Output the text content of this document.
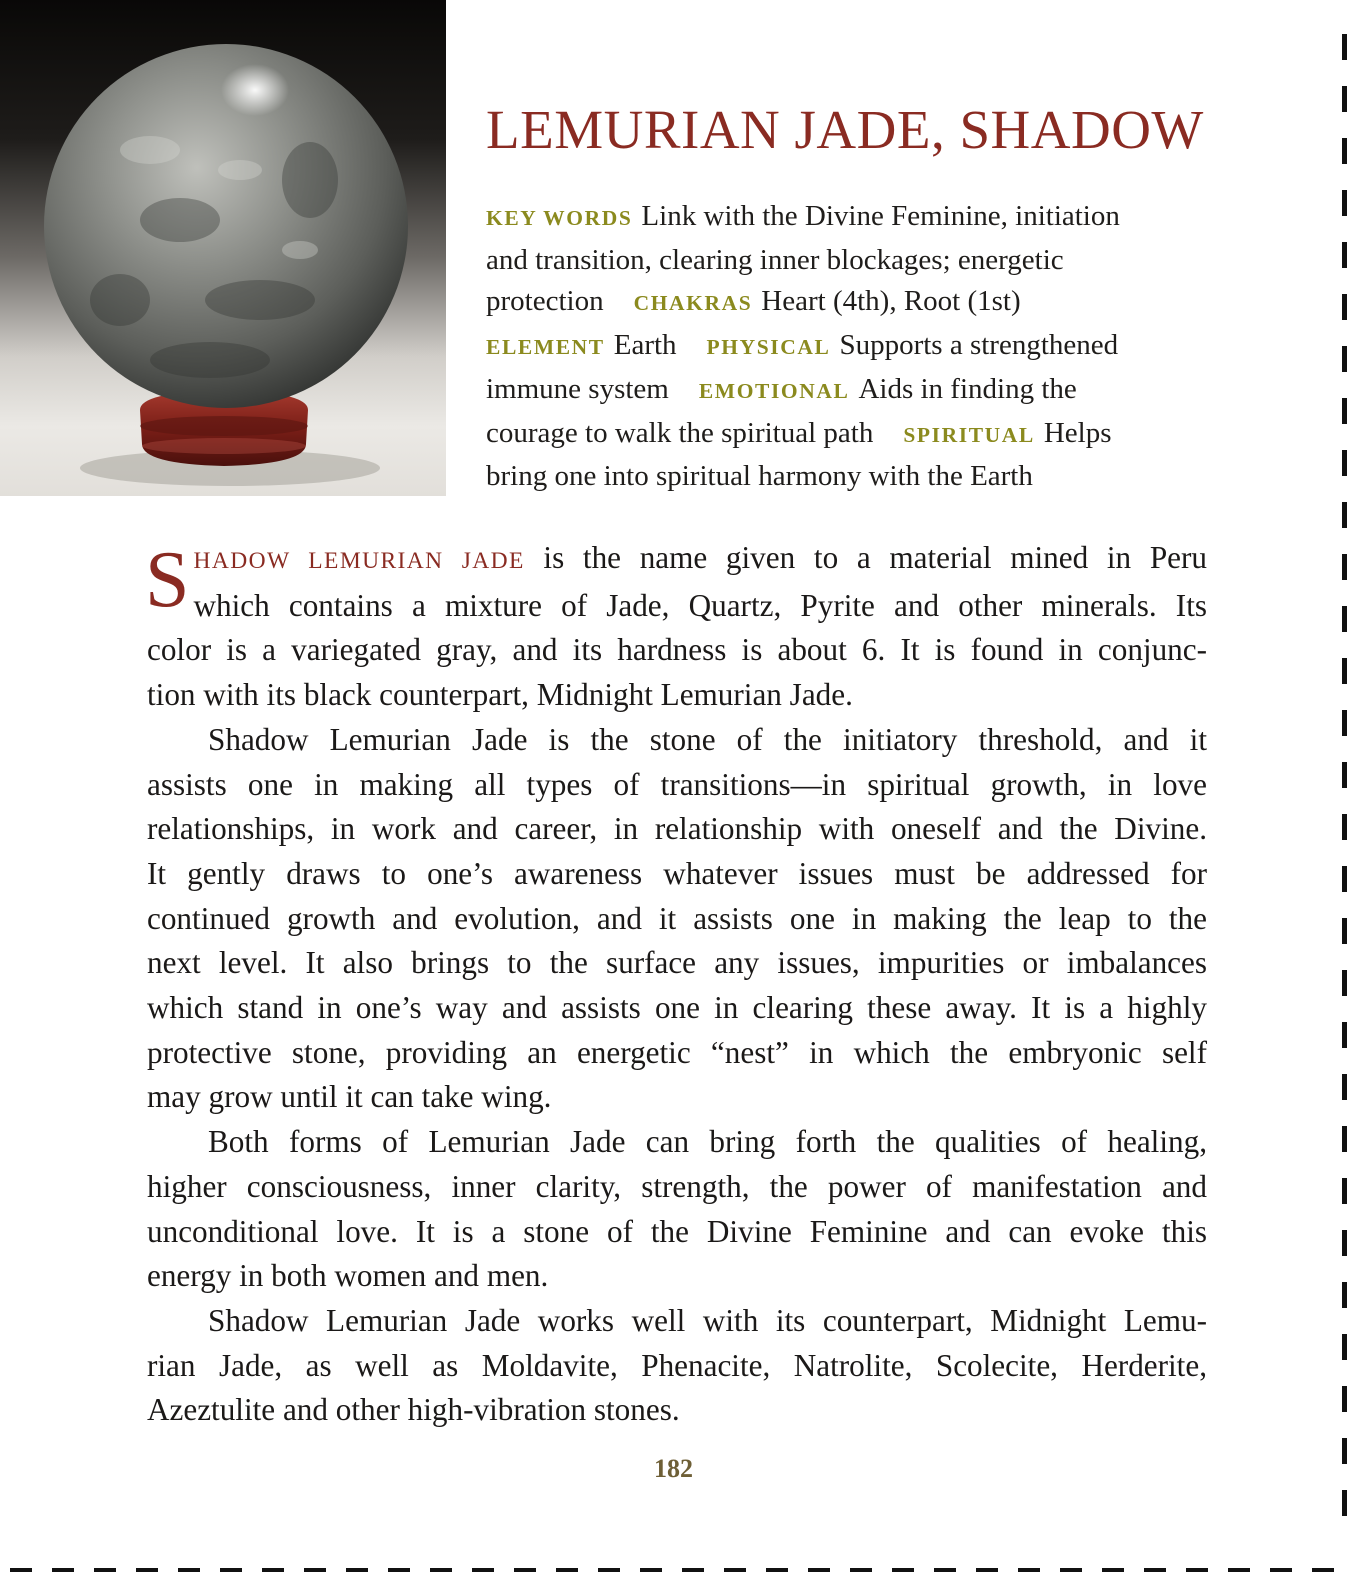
LEMURIAN JADE, SHADOW
KEY WORDS Link with the Divine Feminine, initiation
and transition, clearing inner blockages; energetic
protection CHAKRAS Heart (4th), Root (1st)
ELEMENT Earth PHYSICAL Supports a strengthened
immune system EMOTIONAL Aids in finding the
courage to walk the spiritual path SPIRITUAL Helps
bring one into spiritual harmony with the Earth

S HADOW LEMURIAN JADE is the name given to a material mined in Peru
which contains a mixture of Jade, Quartz, Pyrite and other minerals. Its
color is a variegated gray, and its hardness is about 6. It is found in conjunc-

tion with its black counterpart, Midnight Lemurian Jade.

Shadow Lemurian Jade is the stone of the initiatory threshold, and it

assists one in making all types of transitions—in spiritual growth, in love

relationships, in work and career, in relationship with oneself and the Divine.

It gently draws to one’s awareness whatever issues must be addressed for

continued growth and evolution, and it assists one in making the leap to the

next level. It also brings to the surface any issues, impurities or imbalances

which stand in one’s way and assists one in clearing these away. It is a highly

protective stone, providing an energetic “nest” in which the embryonic self

may grow until it can take wing.

Both forms of Lemurian Jade can bring forth the qualities of healing,

higher consciousness, inner clarity, strength, the power of manifestation and

unconditional love. It is a stone of the Divine Feminine and can evoke this

energy in both women and men.

Shadow Lemurian Jade works well with its counterpart, Midnight Lemu-

rian Jade, as well as Moldavite, Phenacite, Natrolite, Scolecite, Herderite,

Azeztulite and other high-vibration stones.

182
